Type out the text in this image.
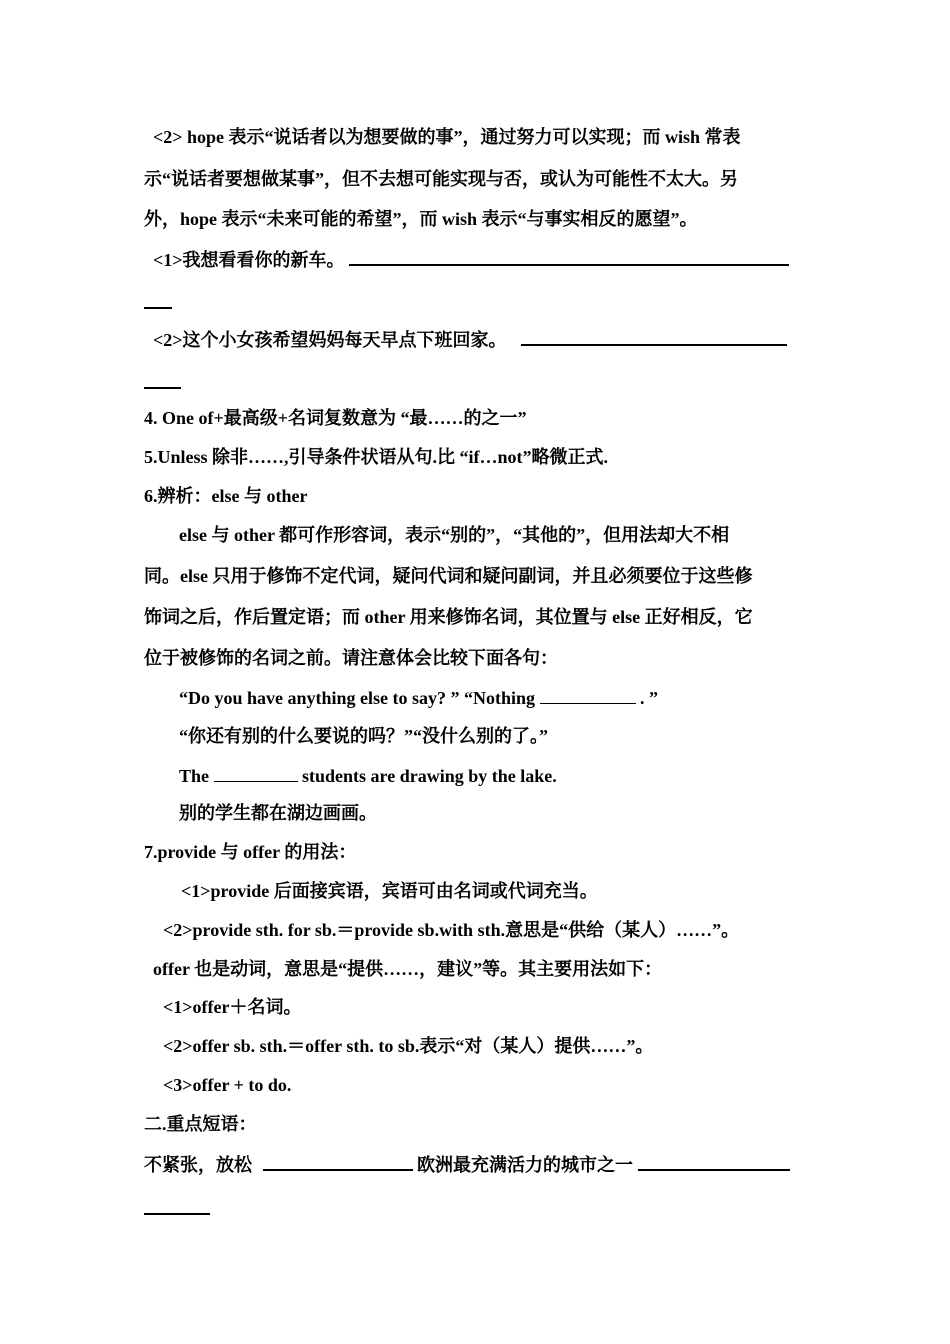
<2> hope 表示“说话者以为想要做的事”，通过努力可以实现；而 wish 常表
示“说话者要想做某事”，但不去想可能实现与否，或认为可能性不太大。另
外，hope 表示“未来可能的希望”，而 wish 表示“与事实相反的愿望”。
<1>我想看看你的新车。
<2>这个小女孩希望妈妈每天早点下班回家。
4. One of+最高级+名词复数意为 “最……的之一”
5.Unless 除非……,引导条件状语从句.比 “if…not”略微正式.
6.辨析：else 与 other
else 与 other 都可作形容词，表示“别的”，“其他的”，但用法却大不相
同。else 只用于修饰不定代词，疑问代词和疑问副词，并且必须要位于这些修
饰词之后，作后置定语；而 other 用来修饰名词，其位置与 else 正好相反，它
位于被修饰的名词之前。请注意体会比较下面各句：
“Do you have anything else to say? ” “Nothing	. ”
“你还有别的什么要说的吗？”“没什么别的了。”
The	students are drawing by the lake.
别的学生都在湖边画画。
7.provide 与 offer 的用法：
<1>provide 后面接宾语，宾语可由名词或代词充当。
<2>provide sth. for sb.＝provide sb.with sth.意思是“供给（某人）……”。
offer 也是动词，意思是“提供……，建议”等。其主要用法如下：
<1>offer＋名词。
<2>offer sb. sth.＝offer sth. to sb.表示“对（某人）提供……”。
<3>offer + to do.
二.重点短语：
不紧张，放松	欧洲最充满活力的城市之一
